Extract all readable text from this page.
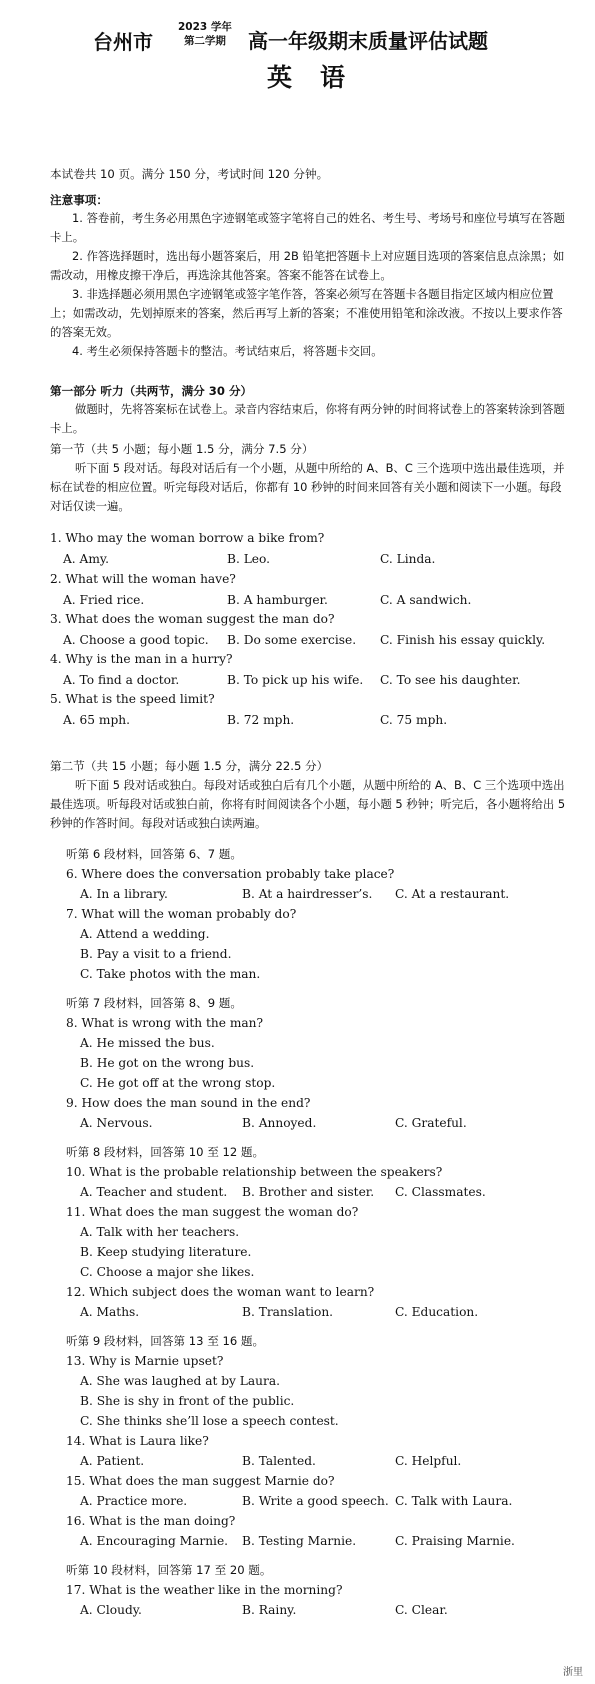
台州市
2023 学年
第二学期 高一年级期末质量评估试题
英语
本试卷共 10 页。满分 150 分，考试时间 120 分钟。
注意事项：
1. 答卷前，考生务必用黑色字迹钢笔或签字笔将自己的姓名、考生号、考场号和座位号填写在答题卡上。
2. 作答选择题时，选出每小题答案后，用 2B 铅笔把答题卡上对应题目选项的答案信息点涂黑；如需改动，用橡皮擦干净后，再选涂其他答案。答案不能答在试卷上。
3. 非选择题必须用黑色字迹钢笔或签字笔作答，答案必须写在答题卡各题目指定区域内相应位置上；如需改动，先划掉原来的答案，然后再写上新的答案；不准使用铅笔和涂改液。不按以上要求作答的答案无效。
4. 考生必须保持答题卡的整洁。考试结束后，将答题卡交回。
第一部分 听力（共两节，满分 30 分）
做题时，先将答案标在试卷上。录音内容结束后，你将有两分钟的时间将试卷上的答案转涂到答题卡上。
第一节（共 5 小题；每小题 1.5 分，满分 7.5 分）
听下面 5 段对话。每段对话后有一个小题，从题中所给的 A、B、C 三个选项中选出最佳选项，并标在试卷的相应位置。听完每段对话后，你都有 10 秒钟的时间来回答有关小题和阅读下一小题。每段对话仅读一遍。
1. Who may the woman borrow a bike from?
A. Amy.	B. Leo.	C. Linda.
2. What will the woman have?
A. Fried rice.	B. A hamburger.	C. A sandwich.
3. What does the woman suggest the man do?
A. Choose a good topic. B. Do some exercise. C. Finish his essay quickly.
4. Why is the man in a hurry?
A. To find a doctor.	B. To pick up his wife. C. To see his daughter.
5. What is the speed limit?
A. 65 mph.	B. 72 mph.	C. 75 mph.
第二节（共 15 小题；每小题 1.5 分，满分 22.5 分）
听下面 5 段对话或独白。每段对话或独白后有几个小题，从题中所给的 A、B、C 三个选项中选出最佳选项。听每段对话或独白前，你将有时间阅读各个小题，每小题 5 秒钟；听完后，各小题将给出 5 秒钟的作答时间。每段对话或独白读两遍。
听第 6 段材料，回答第 6、7 题。
6. Where does the conversation probably take place?
A. In a library.	B. At a hairdresser’s. C. At a restaurant.
7. What will the woman probably do?
A. Attend a wedding.
B. Pay a visit to a friend.
C. Take photos with the man.
听第 7 段材料，回答第 8、9 题。
8. What is wrong with the man?
A. He missed the bus.
B. He got on the wrong bus.
C. He got off at the wrong stop.
9. How does the man sound in the end?
A. Nervous.	B. Annoyed.	C. Grateful.
听第 8 段材料，回答第 10 至 12 题。
10. What is the probable relationship between the speakers?
A. Teacher and student. B. Brother and sister. C. Classmates.
11. What does the man suggest the woman do?
A. Talk with her teachers.
B. Keep studying literature.
C. Choose a major she likes.
12. Which subject does the woman want to learn?
A. Maths.	B. Translation.	C. Education.
听第 9 段材料，回答第 13 至 16 题。
13. Why is Marnie upset?
A. She was laughed at by Laura.
B. She is shy in front of the public.
C. She thinks she’ll lose a speech contest.
14. What is Laura like?
A. Patient.	B. Talented.	C. Helpful.
15. What does the man suggest Marnie do?
A. Practice more.	B. Write a good speech. C. Talk with Laura.
16. What is the man doing?
A. Encouraging Marnie. B. Testing Marnie.	C. Praising Marnie.
听第 10 段材料，回答第 17 至 20 题。
17. What is the weather like in the morning?
A. Cloudy.	B. Rainy.	C. Clear.
浙里
